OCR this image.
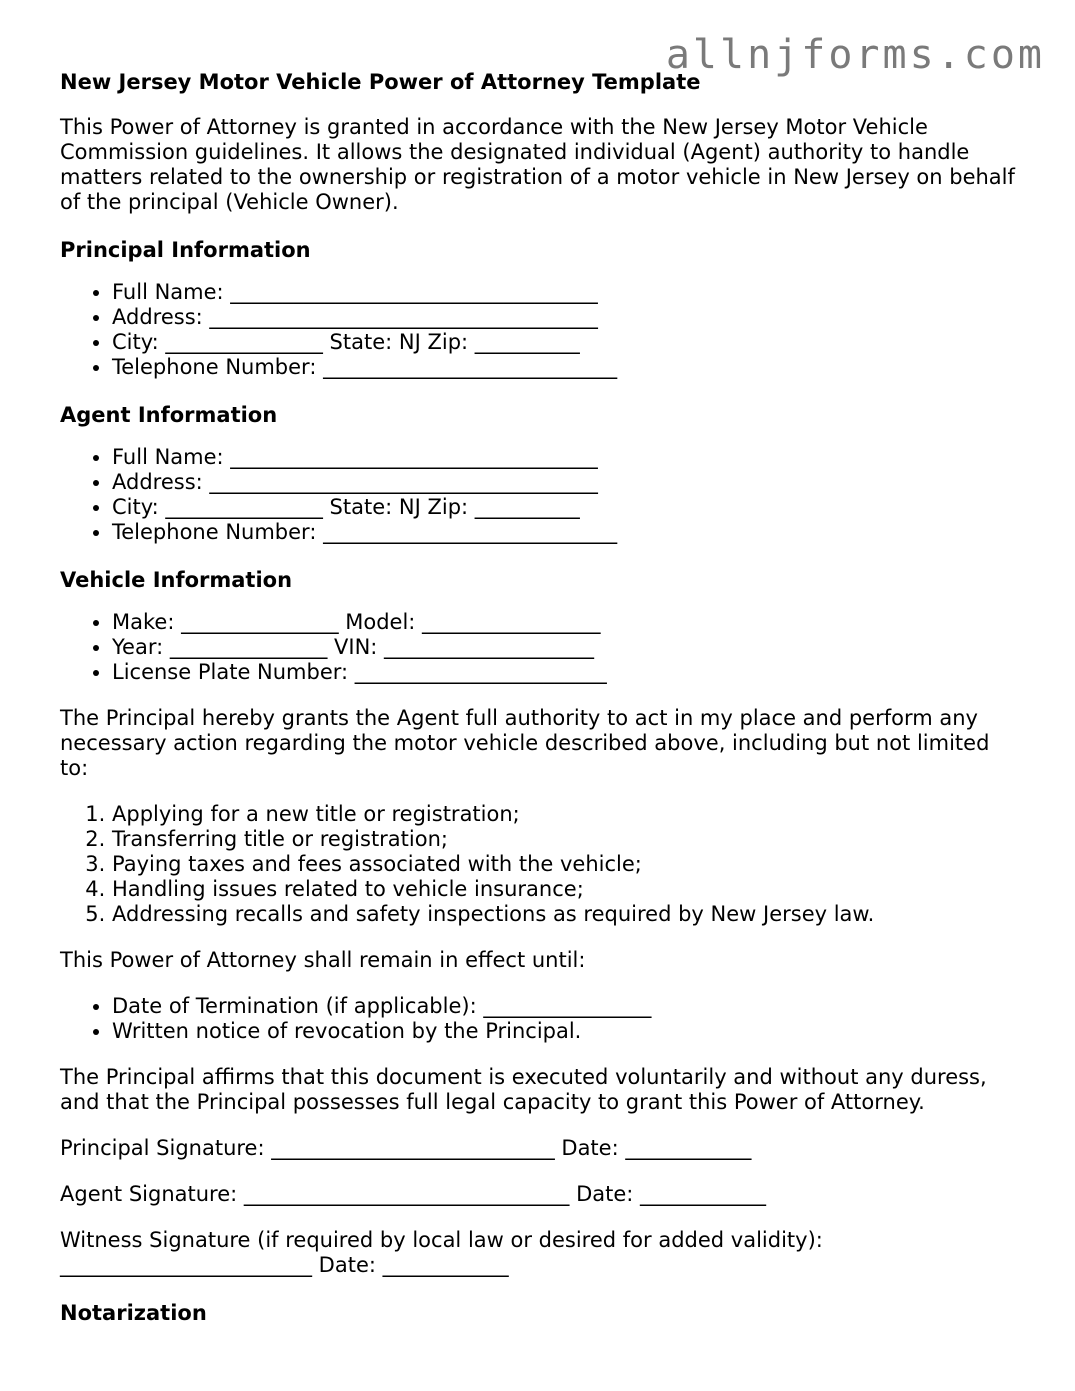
allnjforms.com
New Jersey Motor Vehicle Power of Attorney Template

This Power of Attorney is granted in accordance with the New Jersey Motor Vehicle Commission guidelines. It allows the designated individual (Agent) authority to handle matters related to the ownership or registration of a motor vehicle in New Jersey on behalf of the principal (Vehicle Owner).

Principal Information
• Full Name: ___________________________________
• Address: _____________________________________
• City: _______________ State: NJ Zip: __________
• Telephone Number: ____________________________
Agent Information
• Full Name: ___________________________________
• Address: _____________________________________
• City: _______________ State: NJ Zip: __________
• Telephone Number: ____________________________
Vehicle Information
• Make: _______________ Model: _________________
• Year: _______________ VIN: ____________________
• License Plate Number: ________________________

The Principal hereby grants the Agent full authority to act in my place and perform any necessary action regarding the motor vehicle described above, including but not limited to:

1. Applying for a new title or registration;
2. Transferring title or registration;
3. Paying taxes and fees associated with the vehicle;
4. Handling issues related to vehicle insurance;
5. Addressing recalls and safety inspections as required by New Jersey law.

This Power of Attorney shall remain in effect until:

• Date of Termination (if applicable): ________________
• Written notice of revocation by the Principal.

The Principal affirms that this document is executed voluntarily and without any duress, and that the Principal possesses full legal capacity to grant this Power of Attorney.

Principal Signature: ___________________________ Date: ____________

Agent Signature: _______________________________ Date: ____________

Witness Signature (if required by local law or desired for added validity):
________________________ Date: ____________

Notarization
